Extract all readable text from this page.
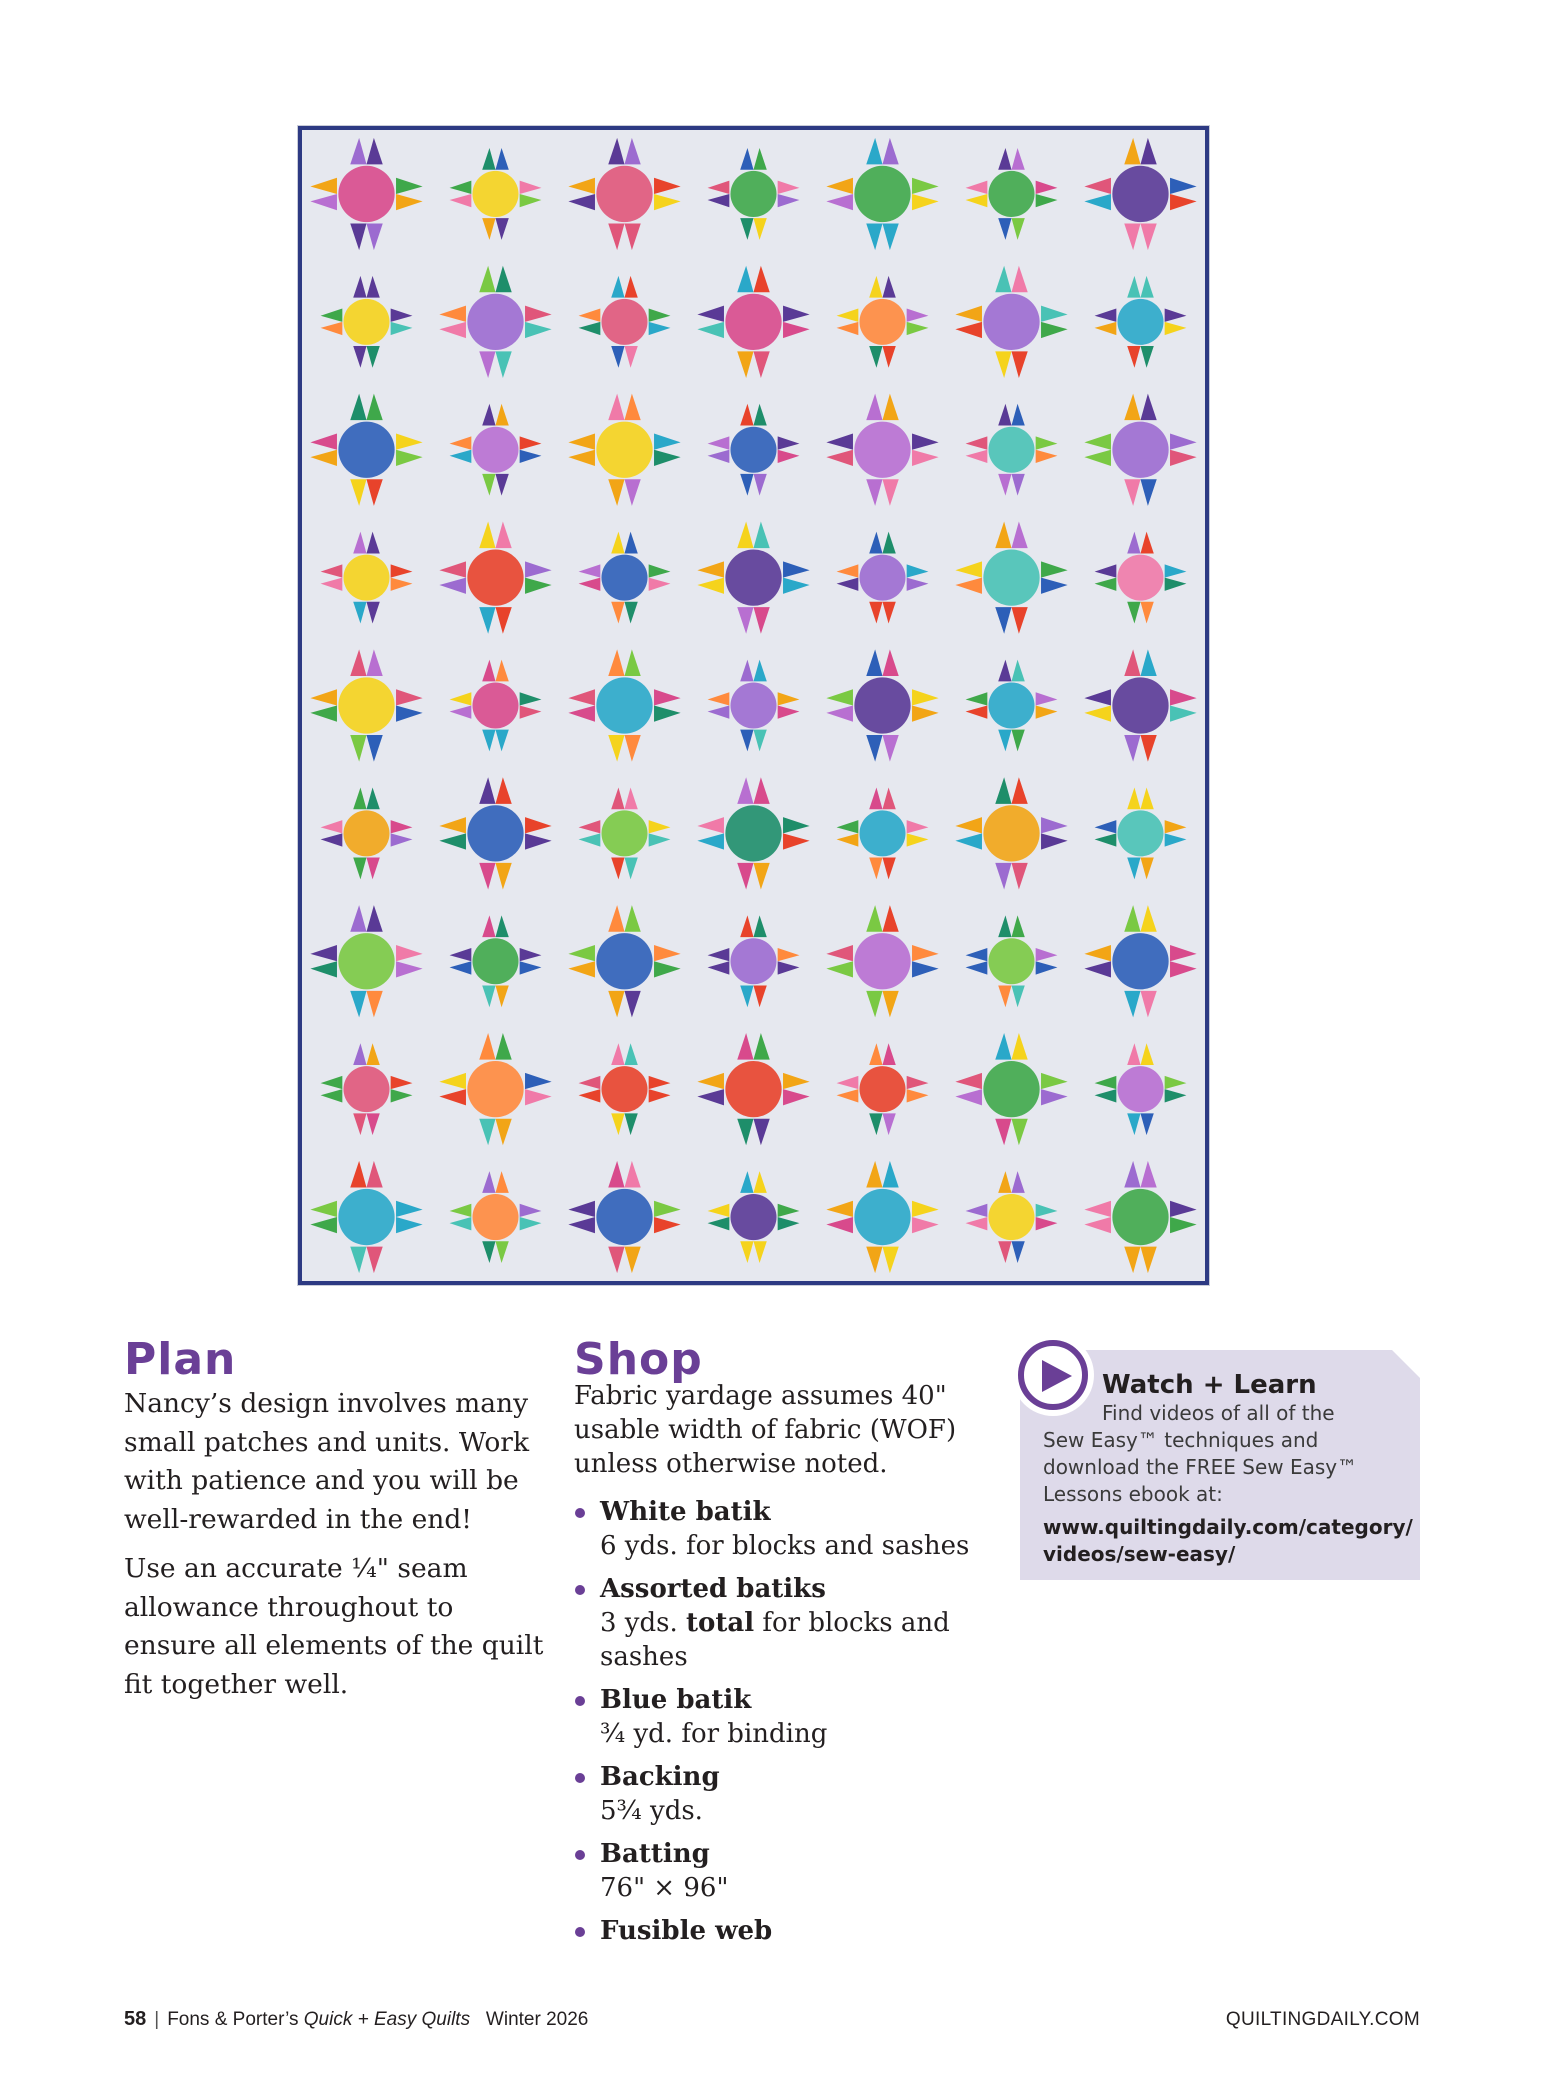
Plan

Nancy’s design involves many small patches and units. Work with patience and you will be well-rewarded in the end!

Use an accurate ¼" seam allowance throughout to ensure all elements of the quilt fit together well.

Shop

Fabric yardage assumes 40" usable width of fabric (WOF) unless otherwise noted.

White batik
6 yds. for blocks and sashes
Assorted batiks
3 yds. total for blocks and sashes
Blue batik
¾ yd. for binding
Backing
5¾ yds.
Batting
76" × 96"
Fusible web
Watch + Learn

Find videos of all of the

Sew Easy™ techniques and download the FREE Sew Easy™ Lessons ebook at:

www.quiltingdaily.com/category/
videos/sew-easy/

58 | Fons & Porter’s Quick + Easy Quilts Winter 2026	QUILTINGDAILY.COM
